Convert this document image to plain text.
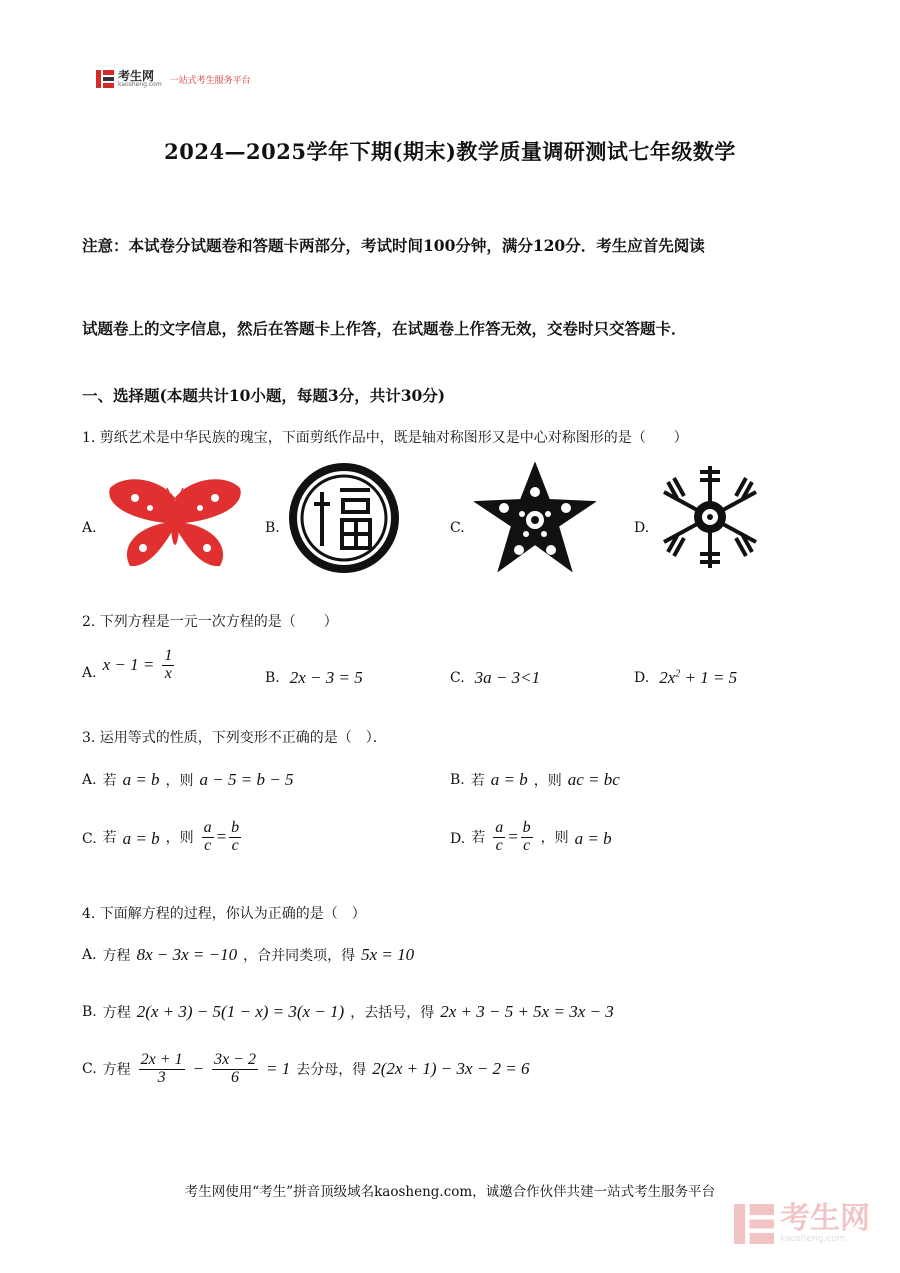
考生网
kaosheng.com 一站式考生服务平台
2024—2025学年下期(期末)教学质量调研测试七年级数学
注意：本试卷分试题卷和答题卡两部分，考试时间100分钟，满分120分．考生应首先阅读
试题卷上的文字信息，然后在答题卡上作答，在试题卷上作答无效，交卷时只交答题卡．
一、选择题(本题共计10小题，每题3分，共计30分)
1. 剪纸艺术是中华民族的瑰宝，下面剪纸作品中，既是轴对称图形又是中心对称图形的是（　　）
A.	B.	C.	D.
2. 下列方程是一元一次方程的是（　　）
A. $x - 1 = \frac{1}{x}$	B. 2x − 3 = 5	C. 3a − 3<1	D. $2x^2 + 1 = 5$
3. 运用等式的性质，下列变形不正确的是（　）．
A. 若 a = b ，则 a − 5 = b − 5	B. 若 a = b ，则 ac = bc
C. 若 a = b ，则 $\frac{a}{c} = \frac{b}{c}$	D. 若 $\frac{a}{c} = \frac{b}{c}$ ，则 a = b
4. 下面解方程的过程，你认为正确的是（　）
A. 方程 8x − 3x = −10 ，合并同类项，得 5x = 10
B. 方程 2(x + 3) − 5(1 − x) = 3(x − 1) ，去括号，得 2x + 3 − 5 + 5x = 3x − 3
C. 方程 $\frac{2x + 1}{3} - \frac{3x - 2}{6} = 1$ 去分母，得 2(2x + 1) − 3x − 2 = 6
考生网使用“考生”拼音顶级域名kaosheng.com，诚邀合作伙伴共建一站式考生服务平台
考生网
kaosheng.com
